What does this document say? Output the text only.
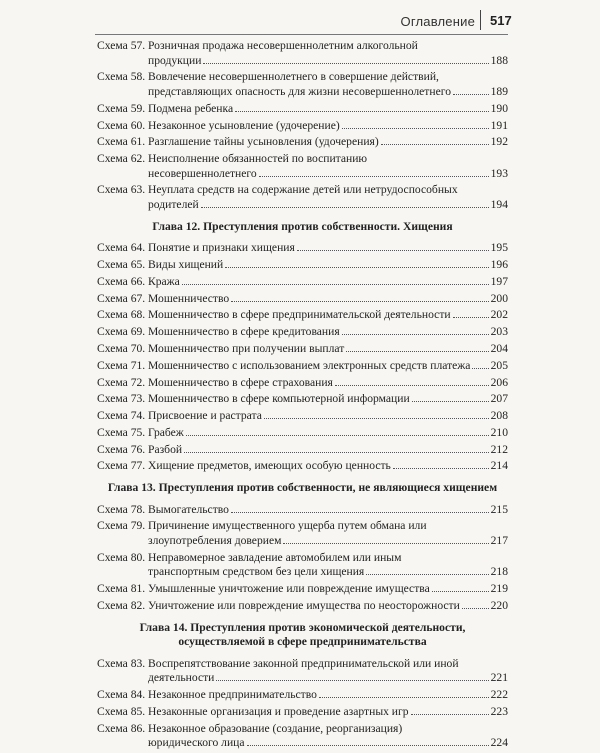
Оглавление 517
Схема 57. Розничная продажа несовершеннолетним алкогольной
продукции	188
Схема 58. Вовлечение несовершеннолетнего в совершение действий,
представляющих опасность для жизни несовершеннолетнего	189
Схема 59. Подмена ребенка	190
Схема 60. Незаконное усыновление (удочерение)	191
Схема 61. Разглашение тайны усыновления (удочерения)	192
Схема 62. Неисполнение обязанностей по воспитанию
несовершеннолетнего	193
Схема 63. Неуплата средств на содержание детей или нетрудоспособных
родителей	194
Глава 12. Преступления против собственности. Хищения
Схема 64. Понятие и признаки хищения	195
Схема 65. Виды хищений	196
Схема 66. Кража	197
Схема 67. Мошенничество	200
Схема 68. Мошенничество в сфере предпринимательской деятельности	202
Схема 69. Мошенничество в сфере кредитования	203
Схема 70. Мошенничество при получении выплат	204
Схема 71. Мошенничество с использованием электронных средств платежа 205
Схема 72. Мошенничество в сфере страхования	206
Схема 73. Мошенничество в сфере компьютерной информации	207
Схема 74. Присвоение и растрата	208
Схема 75. Грабеж	210
Схема 76. Разбой	212
Схема 77. Хищение предметов, имеющих особую ценность	214
Глава 13. Преступления против собственности, не являющиеся хищением
Схема 78. Вымогательство	215
Схема 79. Причинение имущественного ущерба путем обмана или
злоупотребления доверием	217
Схема 80. Неправомерное завладение автомобилем или иным
транспортным средством без цели хищения	218
Схема 81. Умышленные уничтожение или повреждение имущества	219
Схема 82. Уничтожение или повреждение имущества по неосторожности	220
Глава 14. Преступления против экономической деятельности,
осуществляемой в сфере предпринимательства
Схема 83. Воспрепятствование законной предпринимательской или иной
деятельности	221
Схема 84. Незаконное предпринимательство	222
Схема 85. Незаконные организация и проведение азартных игр	223
Схема 86. Незаконное образование (создание, реорганизация)
юридического лица	224
